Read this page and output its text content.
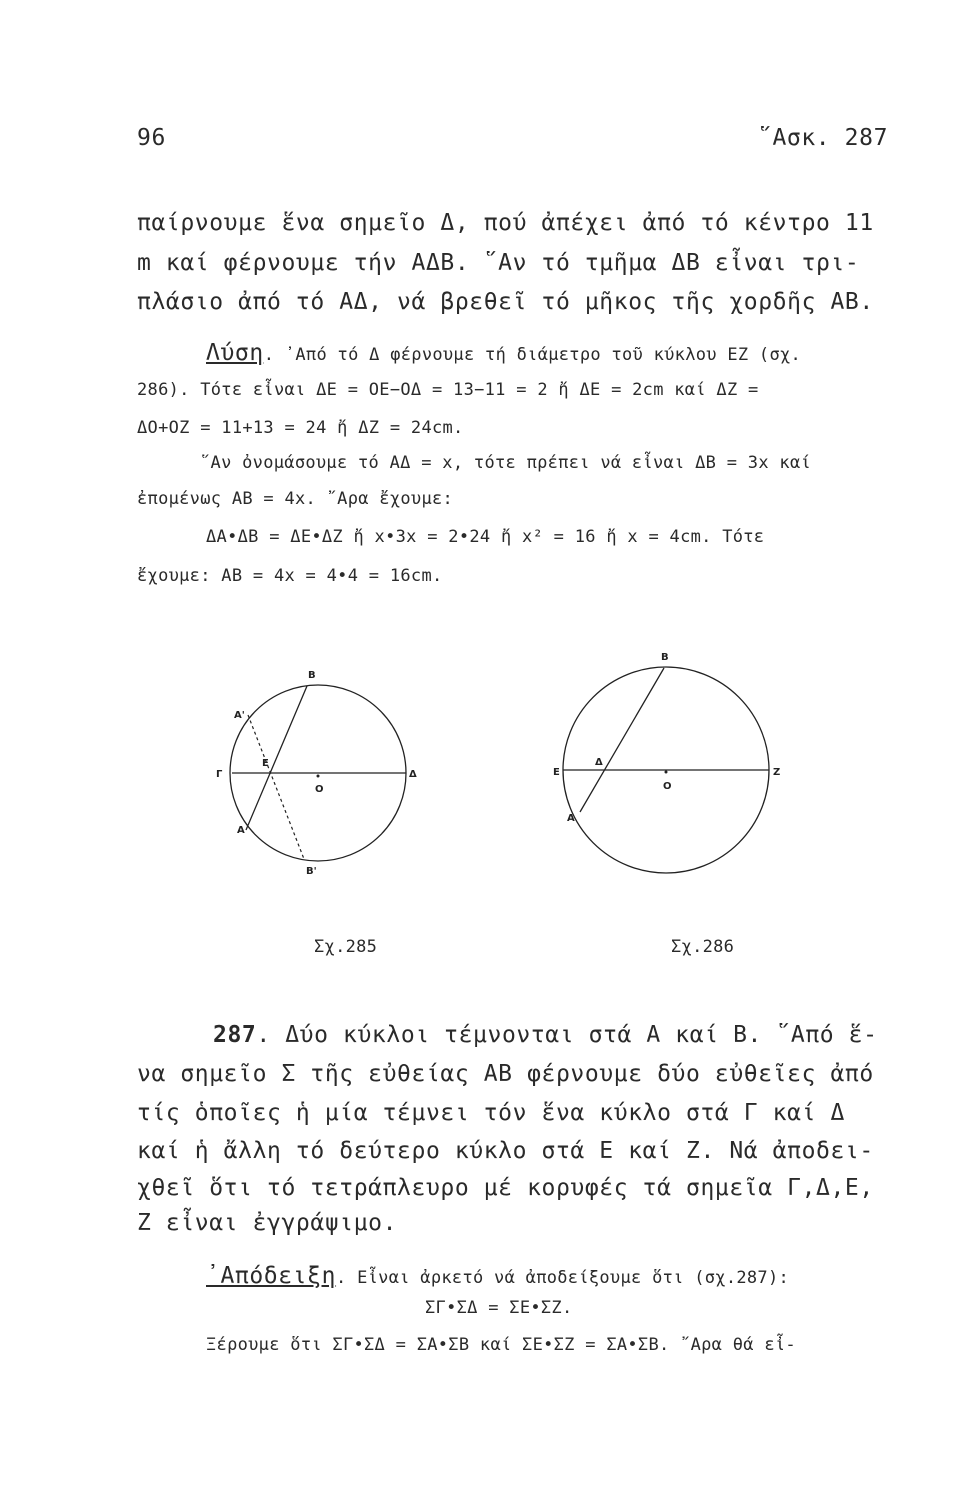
96	῞Ασκ. 287
παίρνουμε ἕνα σημεῖο Δ, πού ἀπέχει ἀπό τό κέντρο 11
m καί φέρνουμε τήν ΑΔΒ. ῞Αν τό τμῆμα ΔΒ εἶναι τρι-
πλάσιο ἀπό τό ΑΔ, νά βρεθεῖ τό μῆκος τῆς χορδῆς ΑΒ.
Λύση. ᾽Από τό Δ φέρνουμε τή διάμετρο τοῦ κύκλου ΕΖ (σχ.
286). Τότε εἶναι ΔΕ = ΟΕ−ΟΔ = 13−11 = 2 ἤ ΔΕ = 2cm καί ΔΖ =
ΔΟ+ΟΖ = 11+13 = 24 ἤ ΔΖ = 24cm.
῞Αν ὀνομάσουμε τό ΑΔ = x, τότε πρέπει νά εἶναι ΔΒ = 3x καί
ἐπομένως ΑΒ = 4x. ῎Αρα ἔχουμε:
ΔΑ•ΔΒ = ΔΕ•ΔΖ ἤ x•3x = 2•24 ἤ x² = 16 ἤ x = 4cm. Τότε
ἔχουμε: ΑΒ = 4x = 4•4 = 16cm.
B
Α'
Γ
E
O
Δ
A
B'
B
E
Δ
O
Z
A
Σχ.285	Σχ.286
287. Δύο κύκλοι τέμνονται στά Α καί Β. ῞Από ἕ-
να σημεῖο Σ τῆς εὐθείας ΑΒ φέρνουμε δύο εὐθεῖες ἀπό
τίς ὁποῖες ἡ μία τέμνει τόν ἕνα κύκλο στά Γ καί Δ
καί ἡ ἄλλη τό δεύτερο κύκλο στά Ε καί Ζ. Νά ἀποδει-
χθεῖ ὅτι τό τετράπλευρο μέ κορυφές τά σημεῖα Γ,Δ,Ε,
Ζ εἶναι ἐγγράψιμο.
᾽Απόδειξη. Εἶναι ἀρκετό νά ἀποδείξουμε ὅτι (σχ.287):
ΣΓ•ΣΔ = ΣΕ•ΣΖ.
Ξέρουμε ὅτι ΣΓ•ΣΔ = ΣΑ•ΣΒ καί ΣΕ•ΣΖ = ΣΑ•ΣΒ. ῎Αρα θά εἶ-
